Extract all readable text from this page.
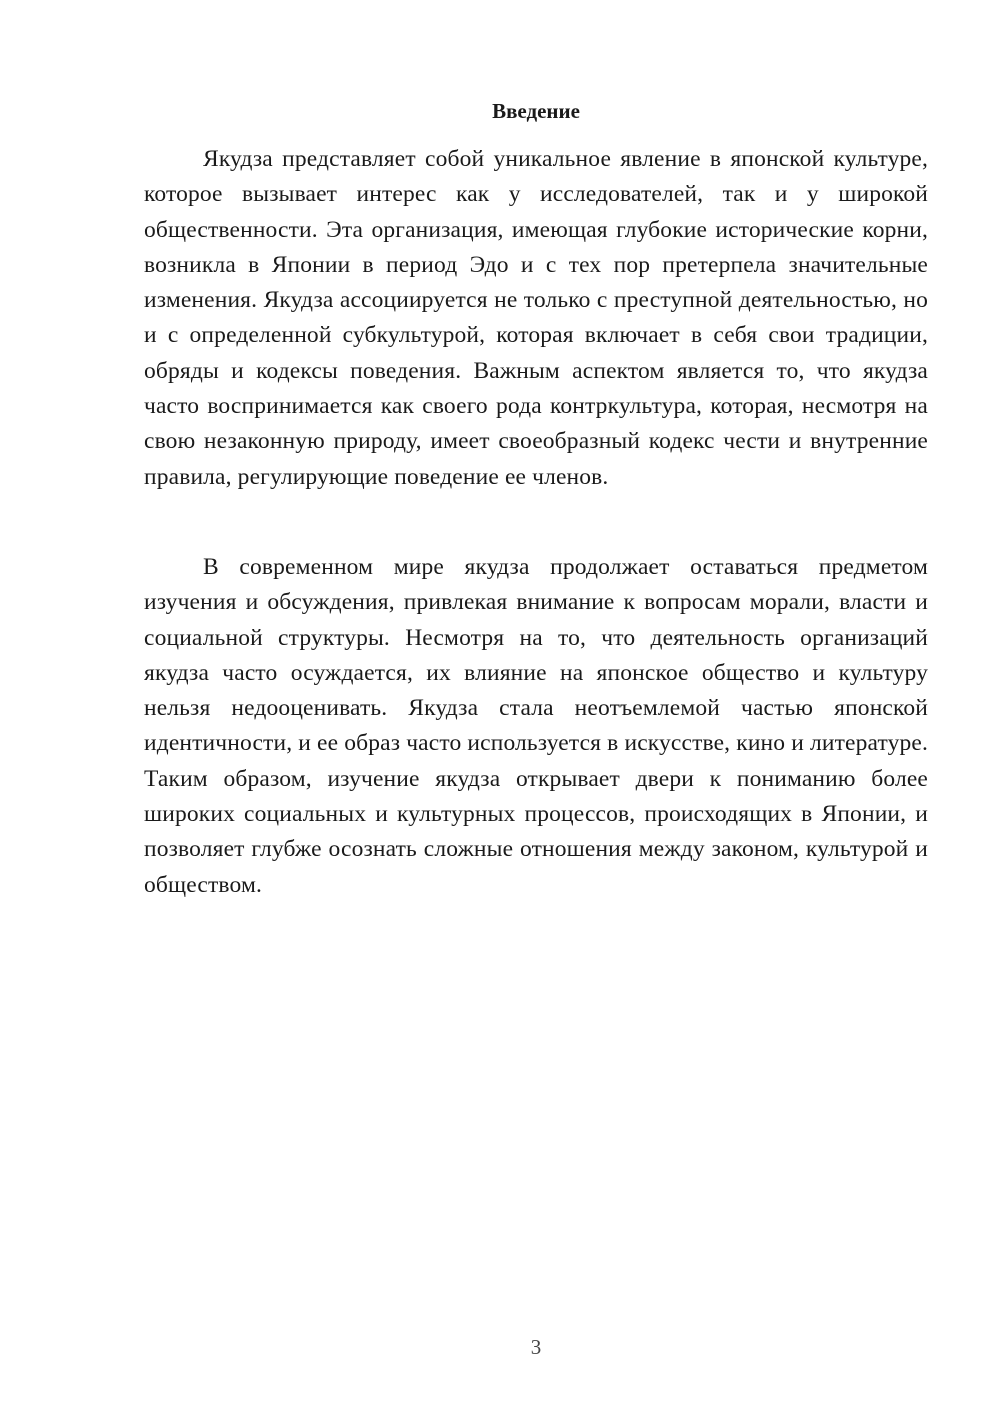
Введение

Якудза представляет собой уникальное явление в японской культуре, которое вызывает интерес как у исследователей, так и у широкой общественности. Эта организация, имеющая глубокие исторические корни, возникла в Японии в период Эдо и с тех пор претерпела значительные изменения. Якудза ассоциируется не только с преступной деятельностью, но и с определенной субкультурой, которая включает в себя свои традиции, обряды и кодексы поведения. Важным аспектом является то, что якудза часто воспринимается как своего рода контркультура, которая, несмотря на свою незаконную природу, имеет своеобразный кодекс чести и внутренние правила, регулирующие поведение ее членов.

В современном мире якудза продолжает оставаться предметом изучения и обсуждения, привлекая внимание к вопросам морали, власти и социальной структуры. Несмотря на то, что деятельность организаций якудза часто осуждается, их влияние на японское общество и культуру нельзя недооценивать. Якудза стала неотъемлемой частью японской идентичности, и ее образ часто используется в искусстве, кино и литературе. Таким образом, изучение якудза открывает двери к пониманию более широких социальных и культурных процессов, происходящих в Японии, и позволяет глубже осознать сложные отношения между законом, культурой и обществом.

3
